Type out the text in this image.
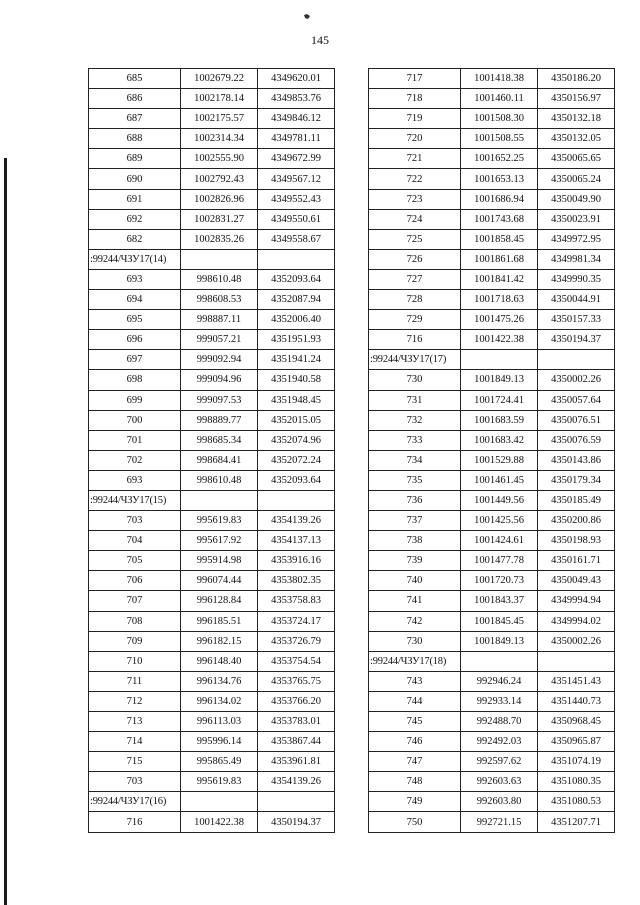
145
685	1002679.22	4349620.01
686	1002178.14	4349853.76
687	1002175.57	4349846.12
688	1002314.34	4349781.11
689	1002555.90	4349672.99
690	1002792.43	4349567.12
691	1002826.96	4349552.43
692	1002831.27	4349550.61
682	1002835.26	4349558.67
:99244/ЧЗУ17(14)		
693	998610.48	4352093.64
694	998608.53	4352087.94
695	998887.11	4352006.40
696	999057.21	4351951.93
697	999092.94	4351941.24
698	999094.96	4351940.58
699	999097.53	4351948.45
700	998889.77	4352015.05
701	998685.34	4352074.96
702	998684.41	4352072.24
693	998610.48	4352093.64
:99244/ЧЗУ17(15)		
703	995619.83	4354139.26
704	995617.92	4354137.13
705	995914.98	4353916.16
706	996074.44	4353802.35
707	996128.84	4353758.83
708	996185.51	4353724.17
709	996182.15	4353726.79
710	996148.40	4353754.54
711	996134.76	4353765.75
712	996134.02	4353766.20
713	996113.03	4353783.01
714	995996.14	4353867.44
715	995865.49	4353961.81
703	995619.83	4354139.26
:99244/ЧЗУ17(16)		
716	1001422.38	4350194.37
717	1001418.38	4350186.20
718	1001460.11	4350156.97
719	1001508.30	4350132.18
720	1001508.55	4350132.05
721	1001652.25	4350065.65
722	1001653.13	4350065.24
723	1001686.94	4350049.90
724	1001743.68	4350023.91
725	1001858.45	4349972.95
726	1001861.68	4349981.34
727	1001841.42	4349990.35
728	1001718.63	4350044.91
729	1001475.26	4350157.33
716	1001422.38	4350194.37
:99244/ЧЗУ17(17)		
730	1001849.13	4350002.26
731	1001724.41	4350057.64
732	1001683.59	4350076.51
733	1001683.42	4350076.59
734	1001529.88	4350143.86
735	1001461.45	4350179.34
736	1001449.56	4350185.49
737	1001425.56	4350200.86
738	1001424.61	4350198.93
739	1001477.78	4350161.71
740	1001720.73	4350049.43
741	1001843.37	4349994.94
742	1001845.45	4349994.02
730	1001849.13	4350002.26
:99244/ЧЗУ17(18)		
743	992946.24	4351451.43
744	992933.14	4351440.73
745	992488.70	4350968.45
746	992492.03	4350965.87
747	992597.62	4351074.19
748	992603.63	4351080.35
749	992603.80	4351080.53
750	992721.15	4351207.71
